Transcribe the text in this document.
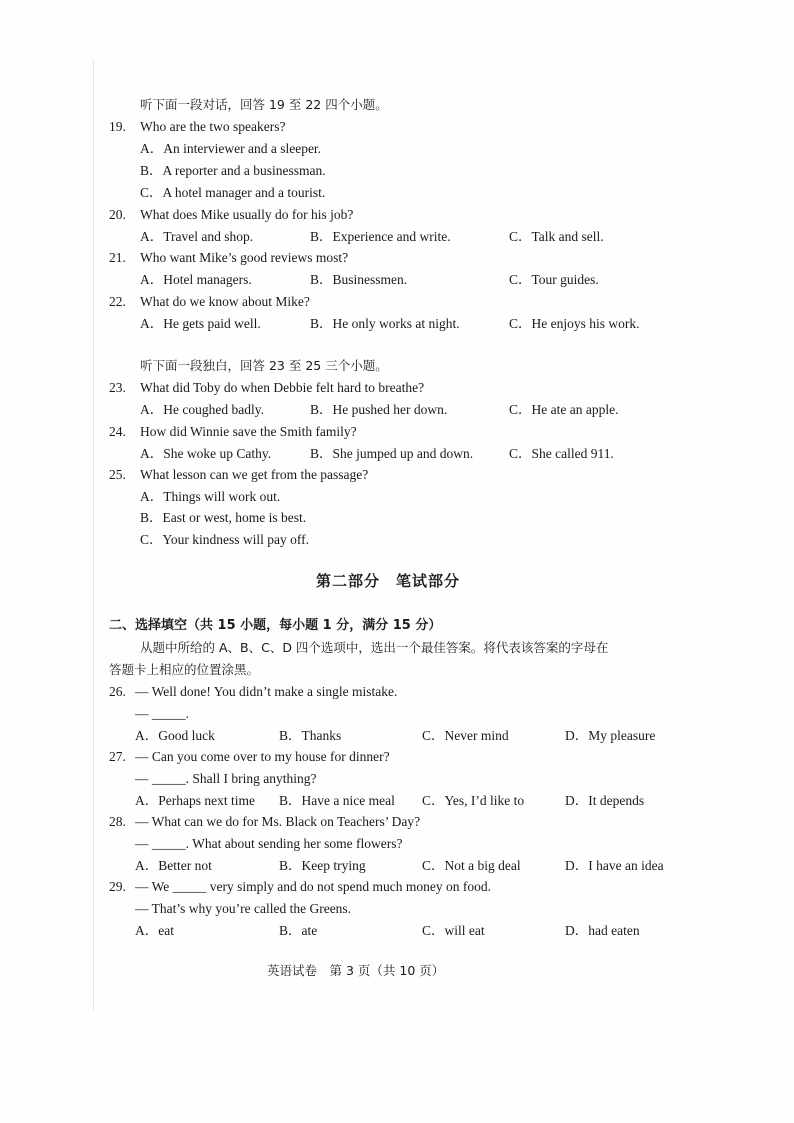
听下面一段对话，回答 19 至 22 四个小题。
19. Who are the two speakers?
A．An interviewer and a sleeper.
B．A reporter and a businessman.
C．A hotel manager and a tourist.
20. What does Mike usually do for his job?
A．Travel and shop.	B．Experience and write.	C．Talk and sell.
21. Who want Mike’s good reviews most?
A．Hotel managers.	B．Businessmen.	C．Tour guides.
22. What do we know about Mike?
A．He gets paid well.	B．He only works at night.	C．He enjoys his work.
听下面一段独白，回答 23 至 25 三个小题。
23. What did Toby do when Debbie felt hard to breathe?
A．He coughed badly.	B．He pushed her down.	C．He ate an apple.
24. How did Winnie save the Smith family?
A．She woke up Cathy.	B．She jumped up and down.	C．She called 911.
25. What lesson can we get from the passage?
A．Things will work out.
B．East or west, home is best.
C．Your kindness will pay off.
第二部分　笔试部分
二、选择填空（共 15 小题，每小题 1 分，满分 15 分）
从题中所给的 A、B、C、D 四个选项中，选出一个最佳答案。将代表该答案的字母在
答题卡上相应的位置涂黑。
26. — Well done! You didn’t make a single mistake.
— _____.
A．Good luck	B．Thanks	C．Never mind	D．My pleasure
27. — Can you come over to my house for dinner?
— _____. Shall I bring anything?
A．Perhaps next time B．Have a nice meal C．Yes, I’d like to	D．It depends
28. — What can we do for Ms. Black on Teachers’ Day?
— _____. What about sending her some flowers?
A．Better not	B．Keep trying	C．Not a big deal	D．I have an idea
29. — We _____ very simply and do not spend much money on food.
— That’s why you’re called the Greens.
A．eat	B．ate	C．will eat	D．had eaten
英语试卷　第 3 页（共 10 页）
